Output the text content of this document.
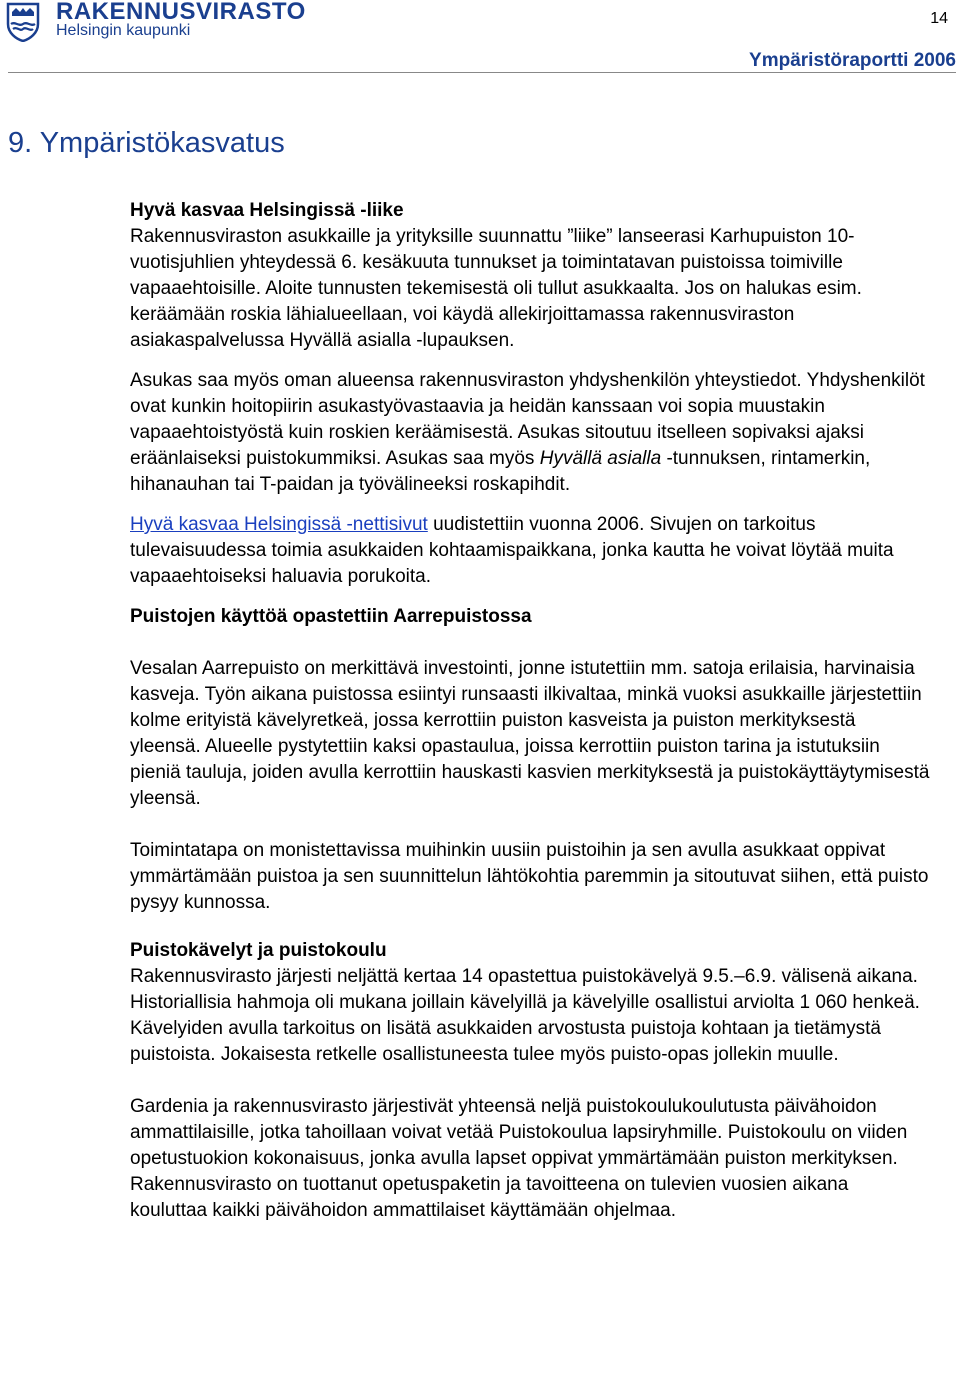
RAKENNUSVIRASTO
Helsingin kaupunki
14
Ympäristöraportti 2006
9. Ympäristökasvatus
Hyvä kasvaa Helsingissä -liike

Rakennusviraston asukkaille ja yrityksille suunnattu ”liike” lanseerasi Karhupuiston 10-vuotisjuhlien yhteydessä 6. kesäkuuta tunnukset ja toimintatavan puistoissa toimiville vapaaehtoisille. Aloite tunnusten tekemisestä oli tullut asukkaalta. Jos on halukas esim. keräämään roskia lähialueellaan, voi käydä allekirjoittamassa rakennusviraston asiakaspalvelussa Hyvällä asialla -lupauksen.

Asukas saa myös oman alueensa rakennusviraston yhdyshenkilön yhteystiedot. Yhdyshenkilöt ovat kunkin hoitopiirin asukastyövastaavia ja heidän kanssaan voi sopia muustakin vapaaehtoistyöstä kuin roskien keräämisestä. Asukas sitoutuu itselleen sopivaksi ajaksi eräänlaiseksi puistokummiksi. Asukas saa myös Hyvällä asialla -tunnuksen, rintamerkin, hihanauhan tai T-paidan ja työvälineeksi roskapihdit.

Hyvä kasvaa Helsingissä -nettisivut uudistettiin vuonna 2006. Sivujen on tarkoitus tulevaisuudessa toimia asukkaiden kohtaamispaikkana, jonka kautta he voivat löytää muita vapaaehtoiseksi haluavia porukoita.

Puistojen käyttöä opastettiin Aarrepuistossa

Vesalan Aarrepuisto on merkittävä investointi, jonne istutettiin mm. satoja erilaisia, harvinaisia kasveja. Työn aikana puistossa esiintyi runsaasti ilkivaltaa, minkä vuoksi asukkaille järjestettiin kolme erityistä kävelyretkeä, jossa kerrottiin puiston kasveista ja puiston merkityksestä yleensä. Alueelle pystytettiin kaksi opastaulua, joissa kerrottiin puiston tarina ja istutuksiin pieniä tauluja, joiden avulla kerrottiin hauskasti kasvien merkityksestä ja puistokäyttäytymisestä yleensä.

Toimintatapa on monistettavissa muihinkin uusiin puistoihin ja sen avulla asukkaat oppivat ymmärtämään puistoa ja sen suunnittelun lähtökohtia paremmin ja sitoutuvat siihen, että puisto pysyy kunnossa.

Puistokävelyt ja puistokoulu

Rakennusvirasto järjesti neljättä kertaa 14 opastettua puistokävelyä 9.5.–6.9. välisenä aikana. Historiallisia hahmoja oli mukana joillain kävelyillä ja kävelyille osallistui arviolta 1 060 henkeä. Kävelyiden avulla tarkoitus on lisätä asukkaiden arvostusta puistoja kohtaan ja tietämystä puistoista. Jokaisesta retkelle osallistuneesta tulee myös puisto-opas jollekin muulle.

Gardenia ja rakennusvirasto järjestivät yhteensä neljä puistokoulukoulutusta päivähoidon ammattilaisille, jotka tahoillaan voivat vetää Puistokoulua lapsiryhmille. Puistokoulu on viiden opetustuokion kokonaisuus, jonka avulla lapset oppivat ymmärtämään puiston merkityksen. Rakennusvirasto on tuottanut opetuspaketin ja tavoitteena on tulevien vuosien aikana kouluttaa kaikki päivähoidon ammattilaiset käyttämään ohjelmaa.
